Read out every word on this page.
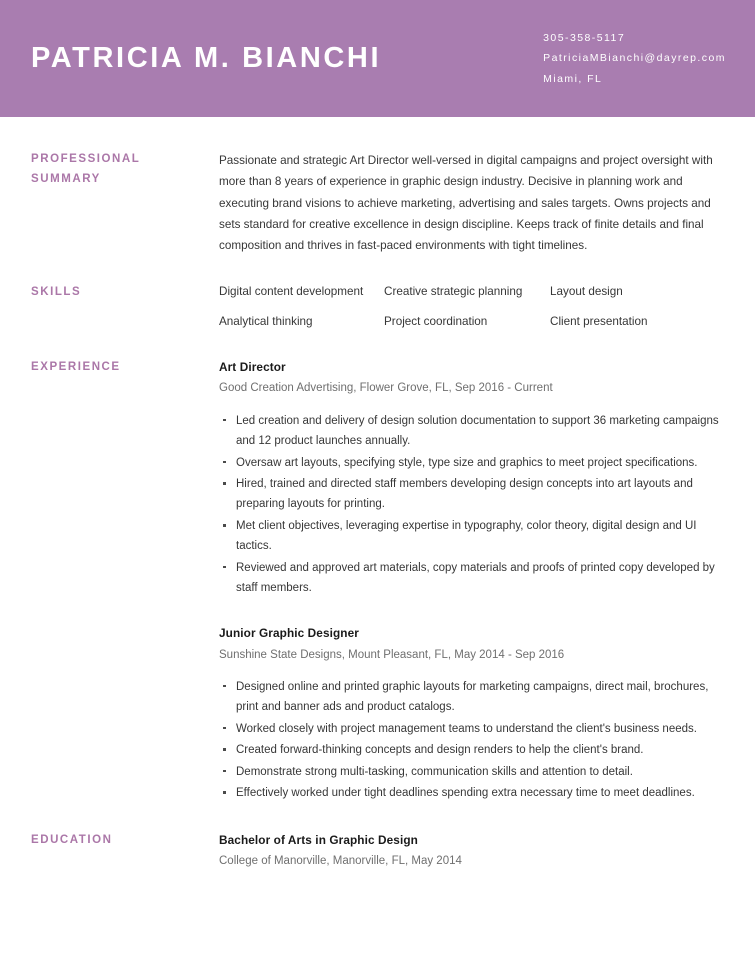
PATRICIA M. BIANCHI
305-358-5117
PatriciaMBianchi@dayrep.com
Miami, FL
PROFESSIONAL
SUMMARY
Passionate and strategic Art Director well-versed in digital campaigns and project oversight with more than 8 years of experience in graphic design industry. Decisive in planning work and executing brand visions to achieve marketing, advertising and sales targets. Owns projects and sets standard for creative excellence in design discipline. Keeps track of finite details and final composition and thrives in fast-paced environments with tight timelines.
SKILLS	Digital content development	Creative strategic planning	Layout design
Analytical thinking	Project coordination	Client presentation
EXPERIENCE	Art Director
Good Creation Advertising, Flower Grove, FL, Sep 2016 - Current
Led creation and delivery of design solution documentation to support 36 marketing campaigns and 12 product launches annually.
Oversaw art layouts, specifying style, type size and graphics to meet project specifications.
Hired, trained and directed staff members developing design concepts into art layouts and preparing layouts for printing.
Met client objectives, leveraging expertise in typography, color theory, digital design and UI tactics.
Reviewed and approved art materials, copy materials and proofs of printed copy developed by staff members.
Junior Graphic Designer
Sunshine State Designs, Mount Pleasant, FL, May 2014 - Sep 2016
Designed online and printed graphic layouts for marketing campaigns, direct mail, brochures, print and banner ads and product catalogs.
Worked closely with project management teams to understand the client's business needs.
Created forward-thinking concepts and design renders to help the client's brand.
Demonstrate strong multi-tasking, communication skills and attention to detail.
Effectively worked under tight deadlines spending extra necessary time to meet deadlines.
EDUCATION	Bachelor of Arts in Graphic Design
College of Manorville, Manorville, FL, May 2014
